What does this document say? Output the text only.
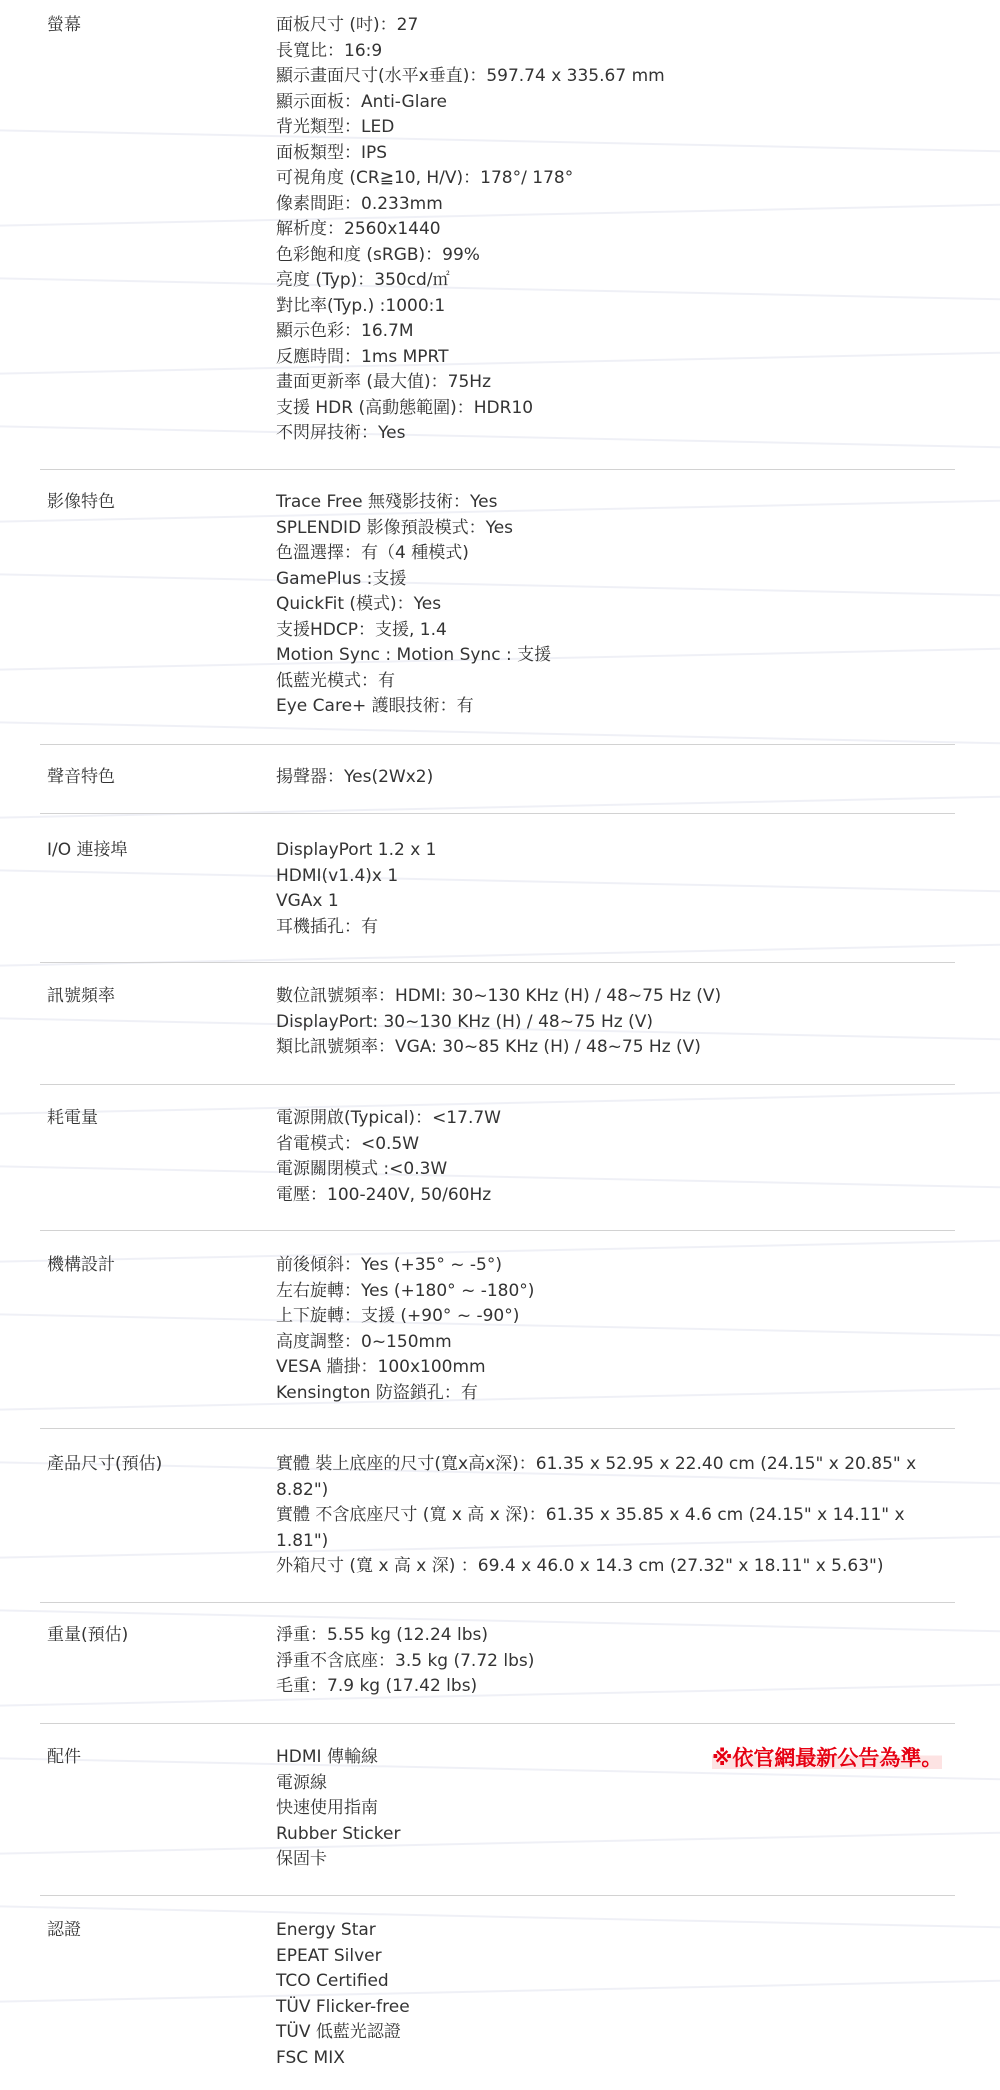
螢幕	面板尺寸 (吋)：27
長寬比：16:9
顯示畫面尺寸(水平x垂直)：597.74 x 335.67 mm
顯示面板：Anti-Glare
背光類型：LED
面板類型：IPS
可視角度 (CR≧10, H/V)：178°/ 178°
像素間距：0.233mm
解析度：2560x1440
色彩飽和度 (sRGB)：99%
亮度 (Typ)：350cd/㎡
對比率(Typ.) :1000:1
顯示色彩：16.7M
反應時間：1ms MPRT
畫面更新率 (最大值)：75Hz
支援 HDR (高動態範圍)：HDR10
不閃屏技術：Yes
影像特色	Trace Free 無殘影技術：Yes
SPLENDID 影像預設模式：Yes
色溫選擇：有（4 種模式)
GamePlus :支援
QuickFit (模式)：Yes
支援HDCP：支援, 1.4
Motion Sync : Motion Sync : 支援
低藍光模式：有
Eye Care+ 護眼技術：有
聲音特色	揚聲器：Yes(2Wx2)
I/O 連接埠	DisplayPort 1.2 x 1
HDMI(v1.4)x 1
VGAx 1
耳機插孔：有
訊號頻率	數位訊號頻率：HDMI: 30~130 KHz (H) / 48~75 Hz (V)
DisplayPort: 30~130 KHz (H) / 48~75 Hz (V)
類比訊號頻率：VGA: 30~85 KHz (H) / 48~75 Hz (V)
耗電量	電源開啟(Typical)：<17.7W
省電模式：<0.5W
電源關閉模式 :<0.3W
電壓：100-240V, 50/60Hz
機構設計	前後傾斜：Yes (+35° ~ -5°)
左右旋轉：Yes (+180° ~ -180°)
上下旋轉：支援 (+90° ~ -90°)
高度調整：0~150mm
VESA 牆掛：100x100mm
Kensington 防盜鎖孔：有
產品尺寸(預估)	實體 裝上底座的尺寸(寬x高x深)：61.35 x 52.95 x 22.40 cm (24.15" x 20.85" x 8.82")
實體 不含底座尺寸 (寬 x 高 x 深)：61.35 x 35.85 x 4.6 cm (24.15" x 14.11" x 1.81")
外箱尺寸 (寬 x 高 x 深) ：69.4 x 46.0 x 14.3 cm (27.32" x 18.11" x 5.63")
重量(預估)	淨重：5.55 kg (12.24 lbs)
淨重不含底座：3.5 kg (7.72 lbs)
毛重：7.9 kg (17.42 lbs)
配件	HDMI 傳輸線
電源線
快速使用指南
Rubber Sticker
保固卡
※依官網最新公告為準。
認證	Energy Star
EPEAT Silver
TCO Certified
TÜV Flicker-free
TÜV 低藍光認證
FSC MIX
